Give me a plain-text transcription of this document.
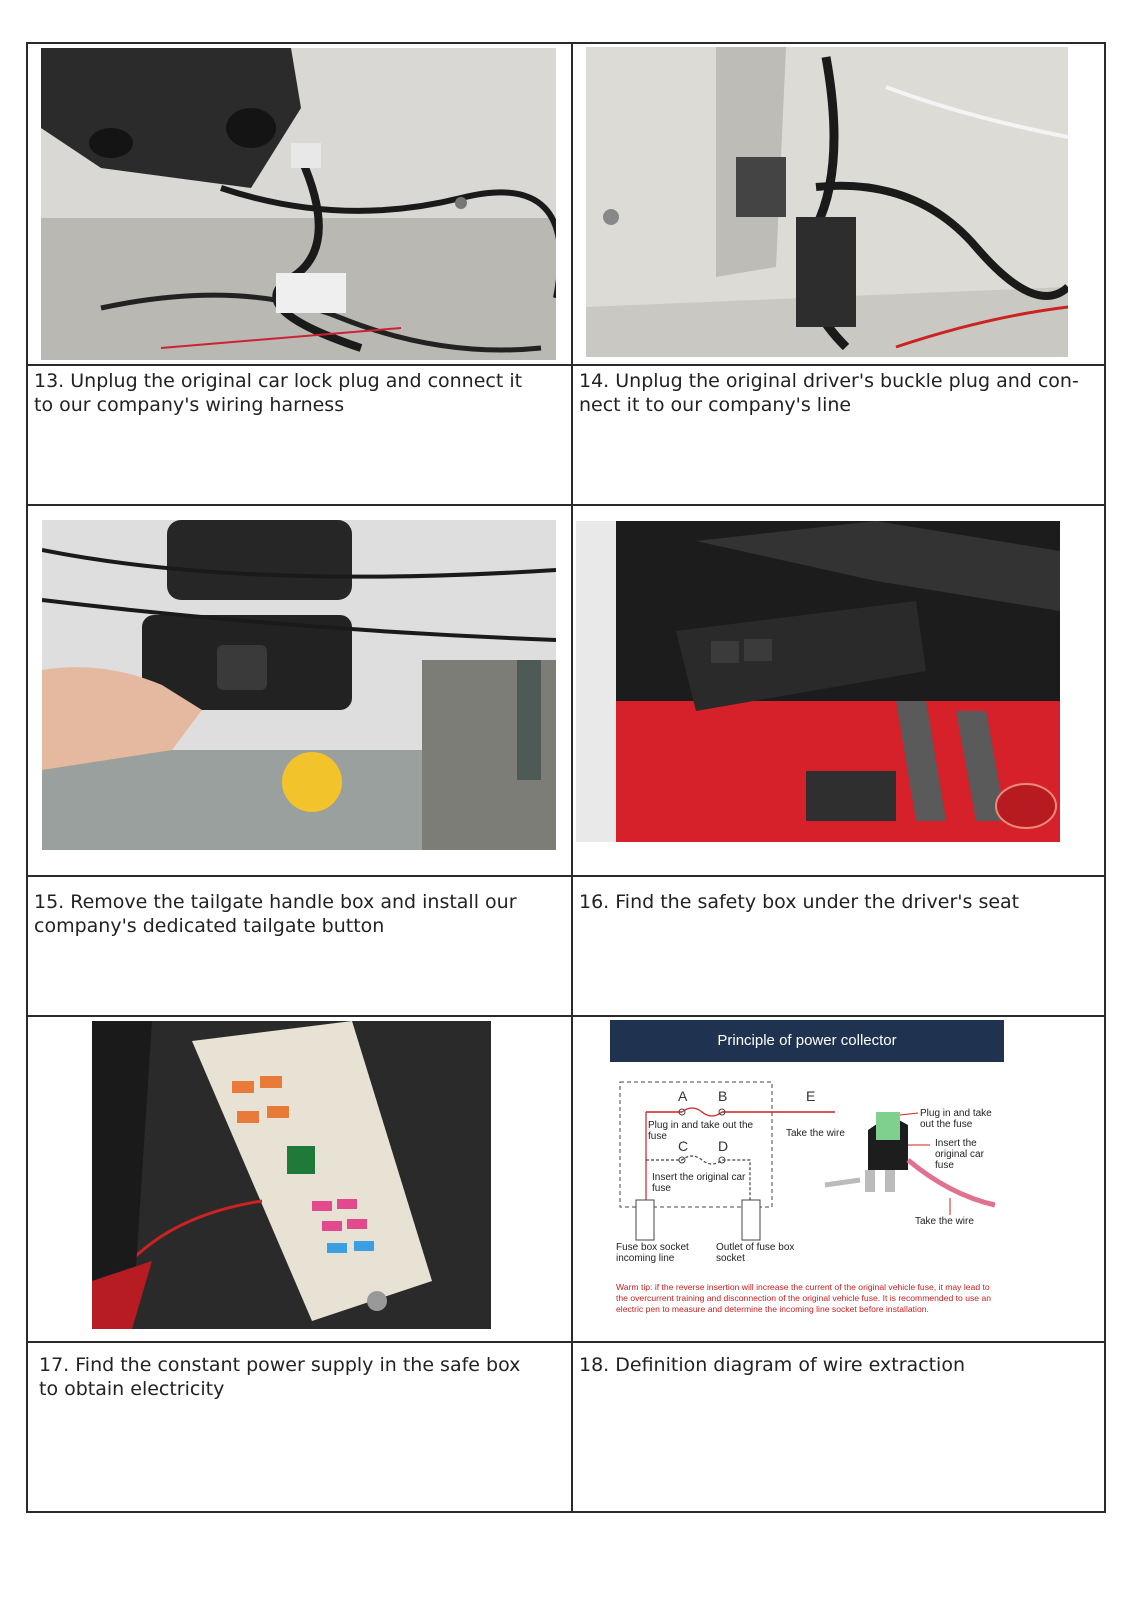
13. Unplug the original car lock plug and connect it to our company's wiring harness
14. Unplug the original driver's buckle plug and con- nect it to our company's line
15. Remove the tailgate handle box and install our company's dedicated tailgate button
16. Find the safety box under the driver's seat
Principle of power collector
A B
C D
E
Plug in and take out the fuse
Insert the original car fuse
Take the wire
Plug in and take out the fuse
Insert the original car fuse
Take the wire
Fuse box socket incoming line
Outlet of fuse box socket

Warm tip: if the reverse insertion will increase the current of the original vehicle fuse, it may lead to the overcurrent training and disconnection of the original vehicle fuse. It is recommended to use an electric pen to measure and determine the incoming line socket before installation.

17. Find the constant power supply in the safe box to obtain electricity
18. Definition diagram of wire extraction
